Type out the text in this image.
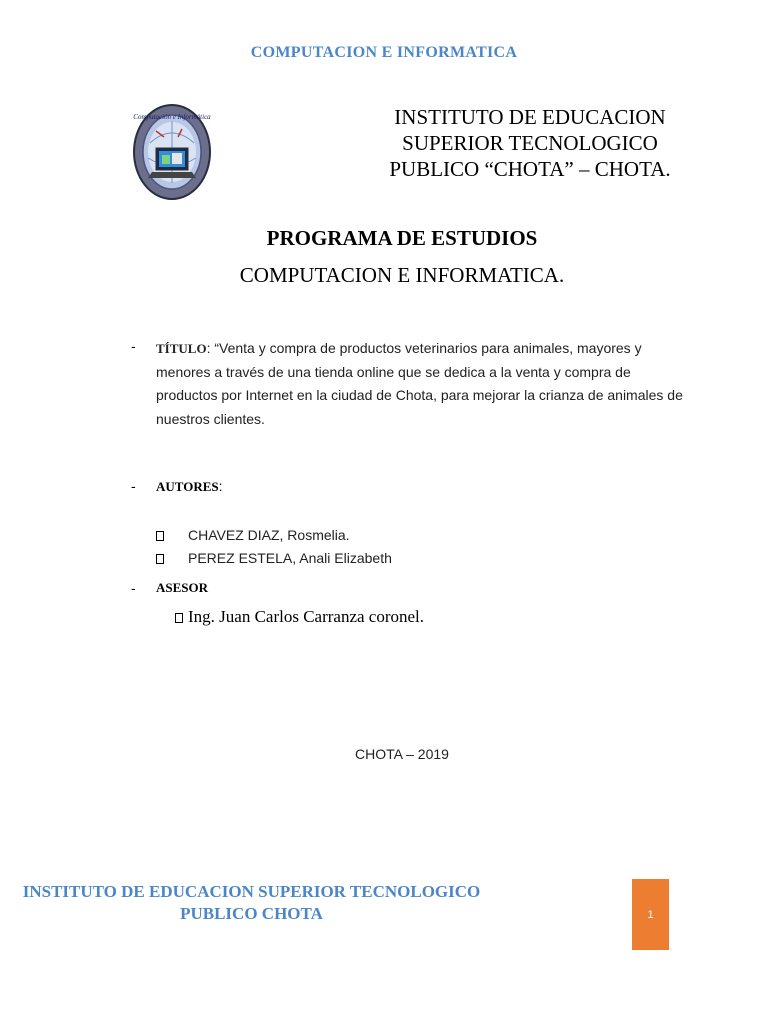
COMPUTACION E INFORMATICA
Computación e Informática	INSTITUTO DE EDUCACION
SUPERIOR TECNOLOGICO
PUBLICO “CHOTA” – CHOTA.
PROGRAMA DE ESTUDIOS
COMPUTACION E INFORMATICA.
- TÍTULO: “Venta y compra de productos veterinarios para animales, mayores y menores a través de una tienda online que se dedica a la venta y compra de productos por Internet en la ciudad de Chota, para mejorar la crianza de animales de nuestros clientes.
- AUTORES:
CHAVEZ DIAZ, Rosmelia.
PEREZ ESTELA, Anali Elizabeth
- ASESOR
Ing. Juan Carlos Carranza coronel.
CHOTA – 2019
INSTITUTO DE EDUCACION SUPERIOR TECNOLOGICO
PUBLICO CHOTA	1
